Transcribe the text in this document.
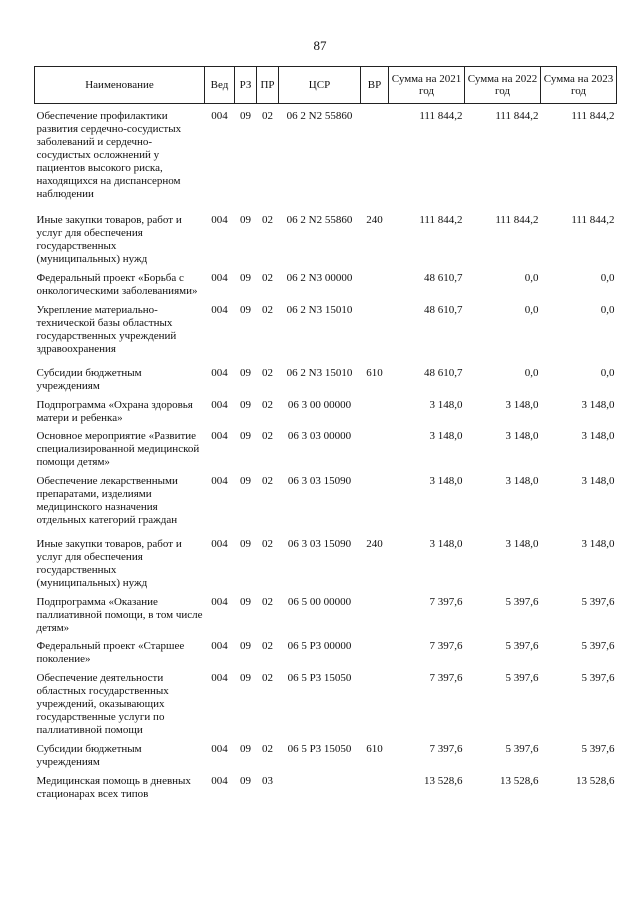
87
Наименование	Вед	РЗ	ПР	ЦСР	ВР	Сумма на 2021 год	Сумма на 2022 год	Сумма на 2023 год

Обеспечение профилактики развития сердечно-сосудистых заболеваний и сердечно-сосудистых осложнений у пациентов высокого риска, находящихся на диспансерном наблюдении	004	09	02	06 2 N2 55860		111 844,2	111 844,2	111 844,2
Иные закупки товаров, работ и услуг для обеспечения государственных (муниципальных) нужд	004	09	02	06 2 N2 55860	240	111 844,2	111 844,2	111 844,2
Федеральный проект «Борьба с онкологическими заболеваниями»	004	09	02	06 2 N3 00000		48 610,7	0,0	0,0
Укрепление материально-технической базы областных государственных учреждений здравоохранения	004	09	02	06 2 N3 15010		48 610,7	0,0	0,0
Субсидии бюджетным учреждениям	004	09	02	06 2 N3 15010	610	48 610,7	0,0	0,0
Подпрограмма «Охрана здоровья матери и ребенка»	004	09	02	06 3 00 00000		3 148,0	3 148,0	3 148,0
Основное мероприятие «Развитие специализированной медицинской помощи детям»	004	09	02	06 3 03 00000		3 148,0	3 148,0	3 148,0
Обеспечение лекарственными препаратами, изделиями медицинского назначения отдельных категорий граждан	004	09	02	06 3 03 15090		3 148,0	3 148,0	3 148,0
Иные закупки товаров, работ и услуг для обеспечения государственных (муниципальных) нужд	004	09	02	06 3 03 15090	240	3 148,0	3 148,0	3 148,0
Подпрограмма «Оказание паллиативной помощи, в том числе детям»	004	09	02	06 5 00 00000		7 397,6	5 397,6	5 397,6
Федеральный проект «Старшее поколение»	004	09	02	06 5 P3 00000		7 397,6	5 397,6	5 397,6
Обеспечение деятельности областных государственных учреждений, оказывающих государственные услуги по паллиативной помощи	004	09	02	06 5 P3 15050		7 397,6	5 397,6	5 397,6
Субсидии бюджетным учреждениям	004	09	02	06 5 P3 15050	610	7 397,6	5 397,6	5 397,6
Медицинская помощь в дневных стационарах всех типов	004	09	03			13 528,6	13 528,6	13 528,6
